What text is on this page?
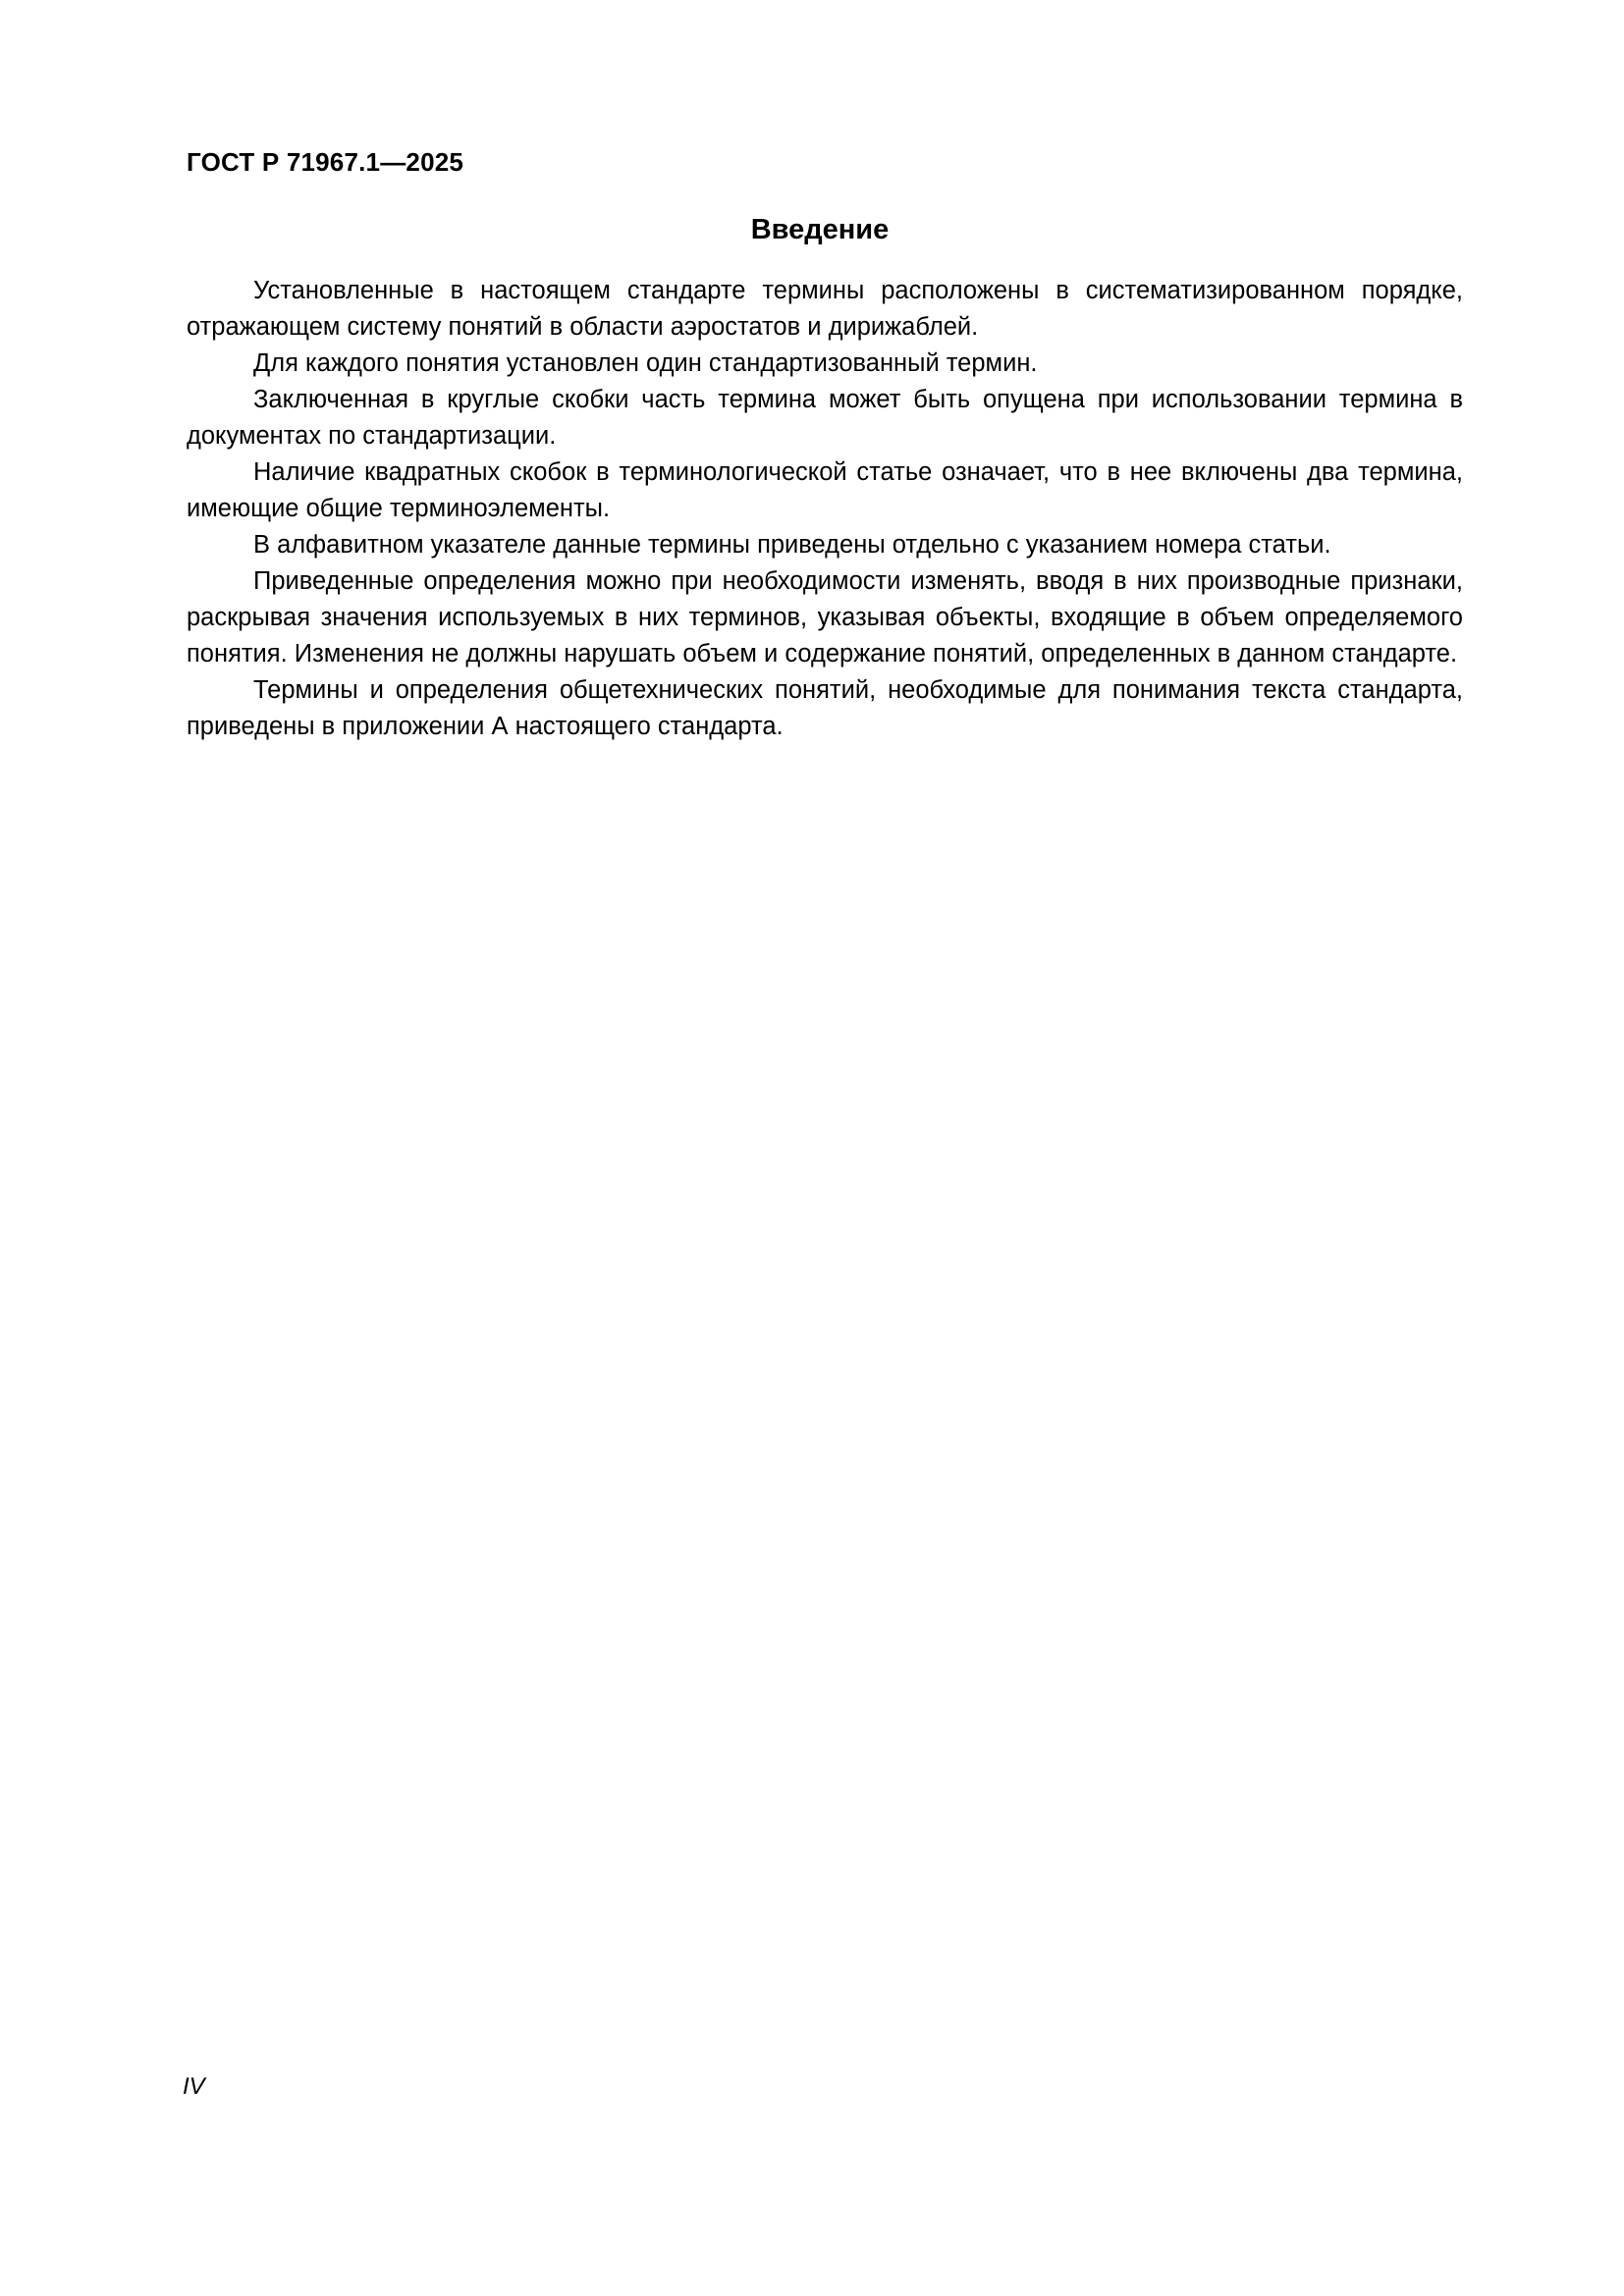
ГОСТ Р 71967.1—2025
Введение

Установленные в настоящем стандарте термины расположены в систематизированном порядке, отражающем систему понятий в области аэростатов и дирижаблей.

Для каждого понятия установлен один стандартизованный термин.

Заключенная в круглые скобки часть термина может быть опущена при использовании термина в документах по стандартизации.

Наличие квадратных скобок в терминологической статье означает, что в нее включены два термина, имеющие общие терминоэлементы.

В алфавитном указателе данные термины приведены отдельно с указанием номера статьи.

Приведенные определения можно при необходимости изменять, вводя в них производные признаки, раскрывая значения используемых в них терминов, указывая объекты, входящие в объем определяемого понятия. Изменения не должны нарушать объем и содержание понятий, определенных в данном стандарте.

Термины и определения общетехнических понятий, необходимые для понимания текста стандарта, приведены в приложении А настоящего стандарта.

IV
